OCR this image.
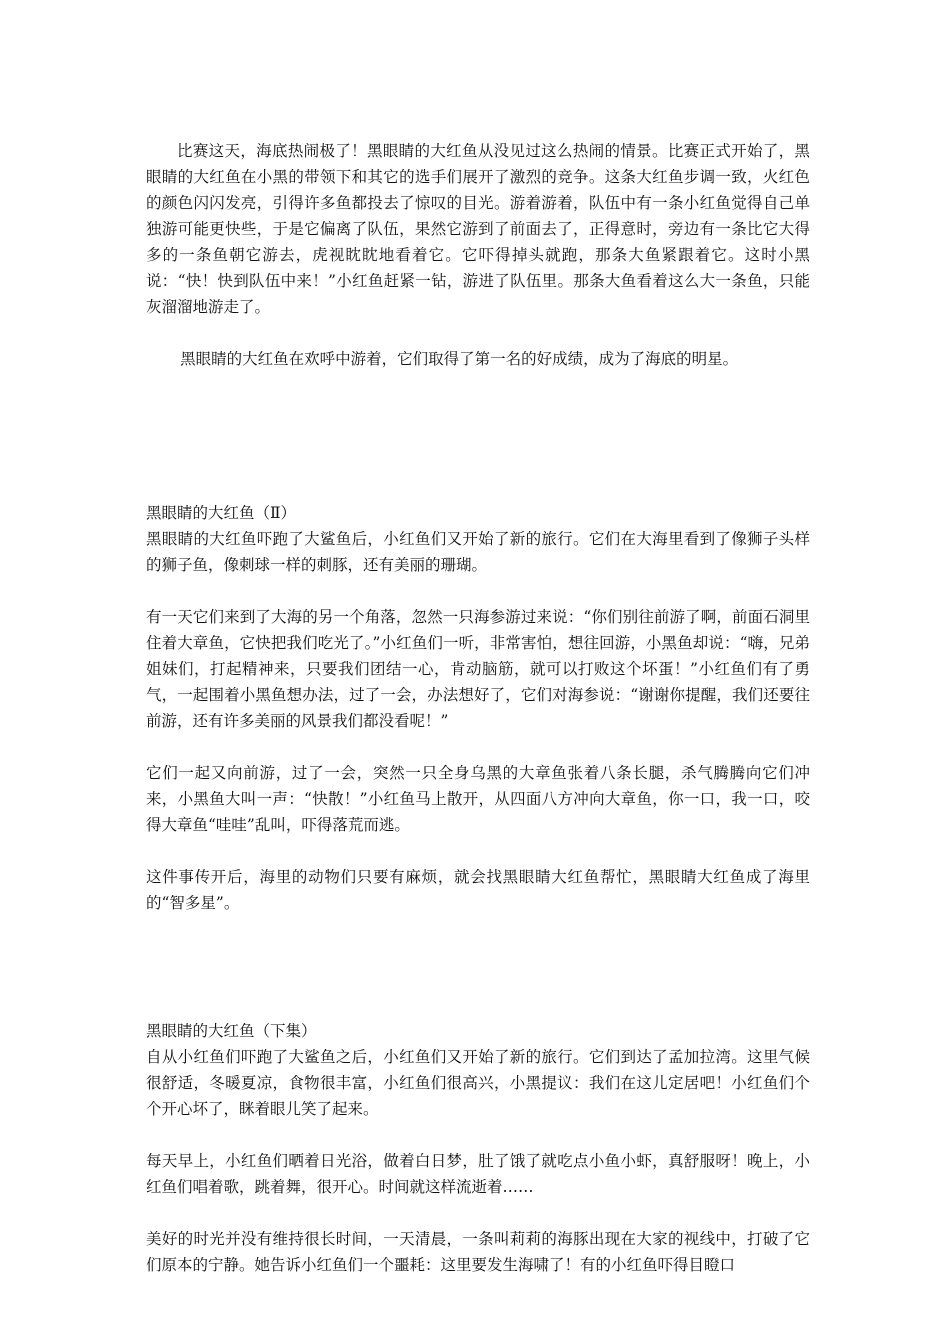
比赛这天，海底热闹极了！黑眼睛的大红鱼从没见过这么热闹的情景。比赛正式开始了，黑眼睛的大红鱼在小黑的带领下和其它的选手们展开了激烈的竞争。这条大红鱼步调一致，火红色的颜色闪闪发亮，引得许多鱼都投去了惊叹的目光。游着游着，队伍中有一条小红鱼觉得自己单独游可能更快些，于是它偏离了队伍，果然它游到了前面去了，正得意时，旁边有一条比它大得多的一条鱼朝它游去，虎视眈眈地看着它。它吓得掉头就跑，那条大鱼紧跟着它。这时小黑说：“快！快到队伍中来！”小红鱼赶紧一钻，游进了队伍里。那条大鱼看着这么大一条鱼，只能灰溜溜地游走了。

黑眼睛的大红鱼在欢呼中游着，它们取得了第一名的好成绩，成为了海底的明星。

黑眼睛的大红鱼（Ⅱ）

黑眼睛的大红鱼吓跑了大鲨鱼后，小红鱼们又开始了新的旅行。它们在大海里看到了像狮子头样的狮子鱼，像刺球一样的刺豚，还有美丽的珊瑚。

有一天它们来到了大海的另一个角落，忽然一只海参游过来说：“你们别往前游了啊，前面石洞里住着大章鱼，它快把我们吃光了。”小红鱼们一听，非常害怕，想往回游，小黑鱼却说：“嗨，兄弟姐妹们，打起精神来，只要我们团结一心，肯动脑筋，就可以打败这个坏蛋！”小红鱼们有了勇气，一起围着小黑鱼想办法，过了一会，办法想好了，它们对海参说：“谢谢你提醒，我们还要往前游，还有许多美丽的风景我们都没看呢！”

它们一起又向前游，过了一会，突然一只全身乌黑的大章鱼张着八条长腿，杀气腾腾向它们冲来，小黑鱼大叫一声：“快散！”小红鱼马上散开，从四面八方冲向大章鱼，你一口，我一口，咬得大章鱼“哇哇”乱叫，吓得落荒而逃。

这件事传开后，海里的动物们只要有麻烦，就会找黑眼睛大红鱼帮忙，黑眼睛大红鱼成了海里的“智多星”。

黑眼睛的大红鱼（下集）

自从小红鱼们吓跑了大鲨鱼之后，小红鱼们又开始了新的旅行。它们到达了孟加拉湾。这里气候很舒适，冬暖夏凉，食物很丰富，小红鱼们很高兴，小黑提议：我们在这儿定居吧！小红鱼们个个开心坏了，眯着眼儿笑了起来。

每天早上，小红鱼们晒着日光浴，做着白日梦，肚了饿了就吃点小鱼小虾，真舒服呀！晚上，小红鱼们唱着歌，跳着舞，很开心。时间就这样流逝着……

美好的时光并没有维持很长时间，一天清晨，一条叫莉莉的海豚出现在大家的视线中，打破了它们原本的宁静。她告诉小红鱼们一个噩耗：这里要发生海啸了！有的小红鱼吓得目瞪口
